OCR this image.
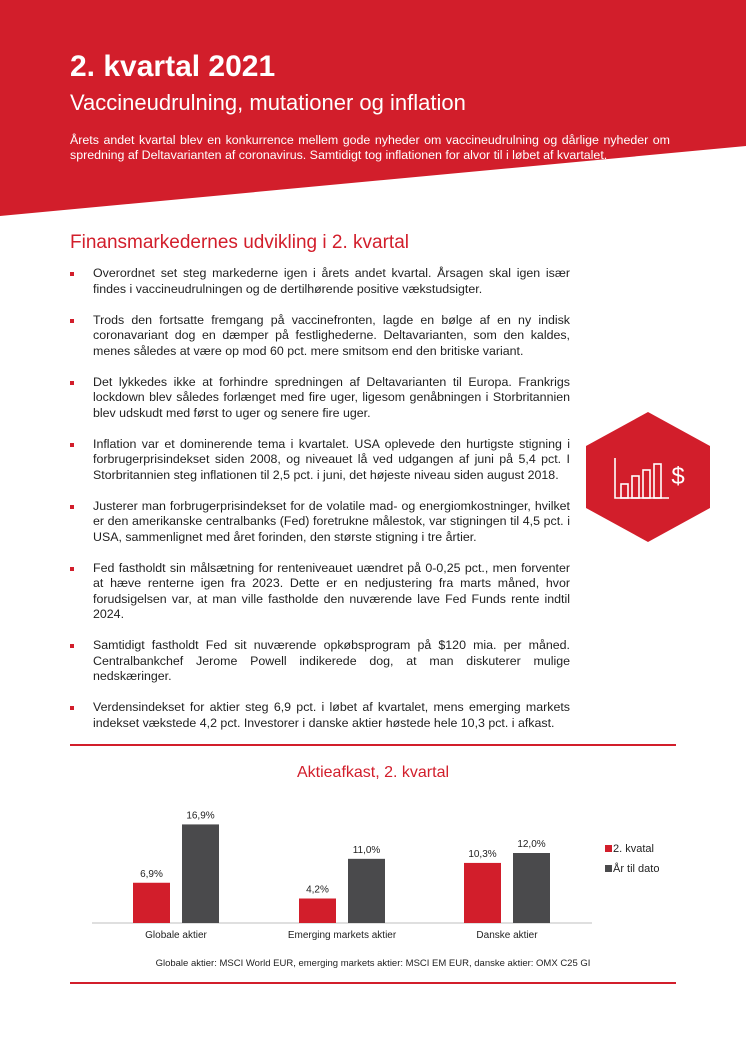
2. kvartal 2021
Vaccineudrulning, mutationer og inflation
Årets andet kvartal blev en konkurrence mellem gode nyheder om vaccineudrulning og dårlige nyheder om spredning af Deltavarianten af coronavirus. Samtidigt tog inflationen for alvor til i løbet af kvartalet.
Finansmarkedernes udvikling i 2. kvartal
Overordnet set steg markederne igen i årets andet kvartal. Årsagen skal igen især findes i vaccineudrulningen og de dertilhørende positive vækstudsigter.
Trods den fortsatte fremgang på vaccinefronten, lagde en bølge af en ny indisk coronavariant dog en dæmper på festlighederne. Deltavarianten, som den kaldes, menes således at være op mod 60 pct. mere smitsom end den britiske variant.
Det lykkedes ikke at forhindre spredningen af Deltavarianten til Europa. Frankrigs lockdown blev således forlænget med fire uger, ligesom genåbningen i Storbritannien blev udskudt med først to uger og senere fire uger.
Inflation var et dominerende tema i kvartalet. USA oplevede den hurtigste stigning i forbrugerprisindekset siden 2008, og niveauet lå ved udgangen af juni på 5,4 pct. I Storbritannien steg inflationen til 2,5 pct. i juni, det højeste niveau siden august 2018.
Justerer man forbrugerprisindekset for de volatile mad- og energiomkostninger, hvilket er den amerikanske centralbanks (Fed) foretrukne målestok, var stigningen til 4,5 pct. i USA, sammenlignet med året forinden, den største stigning i tre årtier.
Fed fastholdt sin målsætning for renteniveauet uændret på 0-0,25 pct., men forventer at hæve renterne igen fra 2023. Dette er en nedjustering fra marts måned, hvor forudsigelsen var, at man ville fastholde den nuværende lave Fed Funds rente indtil 2024.
Samtidigt fastholdt Fed sit nuværende opkøbsprogram på $120 mia. per måned. Centralbankchef Jerome Powell indikerede dog, at man diskuterer mulige nedskæringer.
Verdensindekset for aktier steg 6,9 pct. i løbet af kvartalet, mens emerging markets indekset vækstede 4,2 pct. Investorer i danske aktier høstede hele 10,3 pct. i afkast.
$
Aktieafkast, 2. kvartal
6,9%
16,9%
Globale aktier
4,2%
11,0%
Emerging markets aktier
10,3%
12,0%
Danske aktier
2. kvatal
År til dato
Globale aktier: MSCI World EUR, emerging markets aktier: MSCI EM EUR, danske aktier: OMX C25 GI
